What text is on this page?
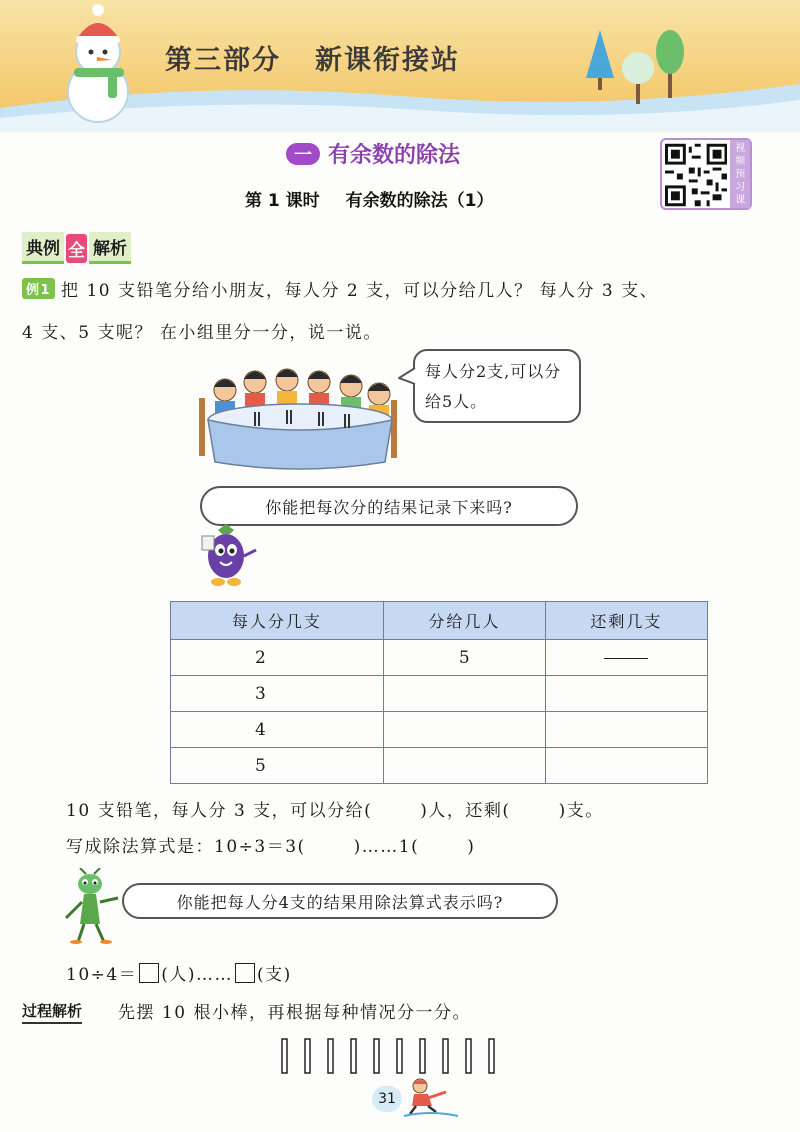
第三部分 新课衔接站
一 有余数的除法
第 1 课时 有余数的除法（1）
视
频
预
习
课
典例 全 解析
例1 把 10 支铅笔分给小朋友，每人分 2 支，可以分给几人？ 每人分 3 支、
4 支、5 支呢？ 在小组里分一分，说一说。
每人分2支,可以分给5人。
你能把每次分的结果记录下来吗?
每人分几支	分给几人	还剩几支
2	5	
3		
4		
5		
10 支铅笔，每人分 3 支，可以分给(	)人，还剩(	)支。
写成除法算式是：10÷3＝3(	)……1(	)
你能把每人分4支的结果用除法算式表示吗?
10÷4＝ (人)…… (支)
过程解析 先摆 10 根小棒，再根据每种情况分一分。
31
